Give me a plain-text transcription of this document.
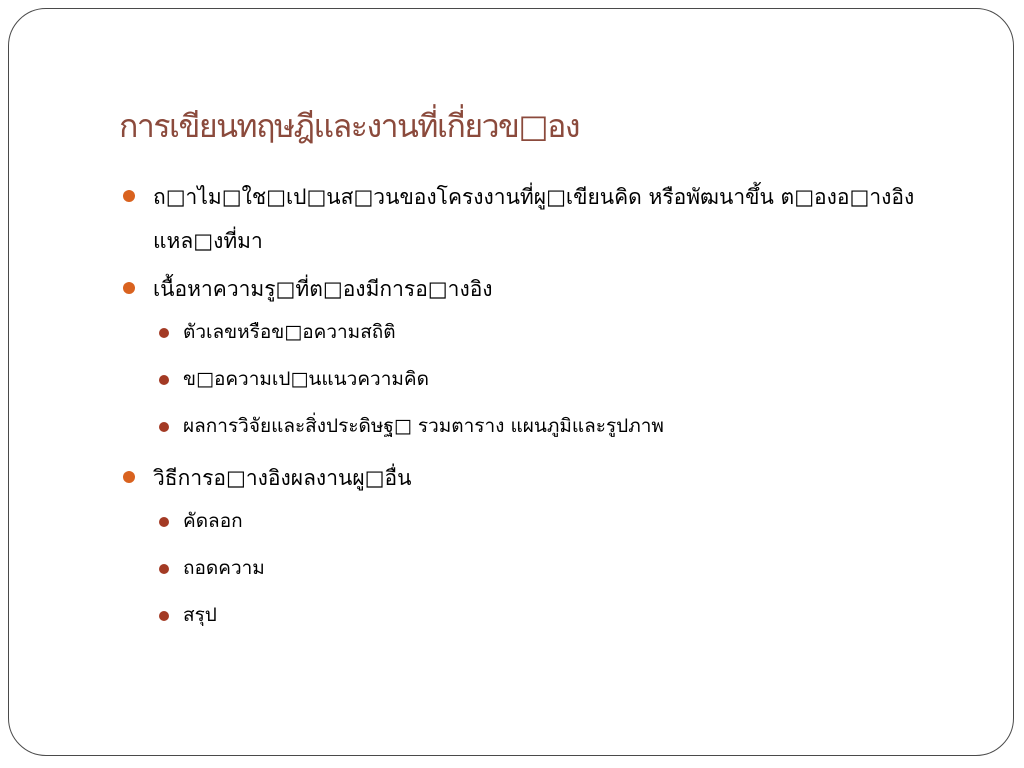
การเขียนทฤษฎีและงานที่เกี่ยวข□อง
ถ□าไม□ใช□เป□นส□วนของโครงงานที่ผู□เขียนคิด หรือพัฒนาขึ้น ต□องอ□างอิงแหล□งที่มา
เนื้อหาความรู□ที่ต□องมีการอ□างอิง
ตัวเลขหรือข□อความสถิติ
ข□อความเป□นแนวความคิด
ผลการวิจัยและสิ่งประดิษฐ□ รวมตาราง แผนภูมิและรูปภาพ
วิธีการอ□างอิงผลงานผู□อื่น
คัดลอก
ถอดความ
สรุป
